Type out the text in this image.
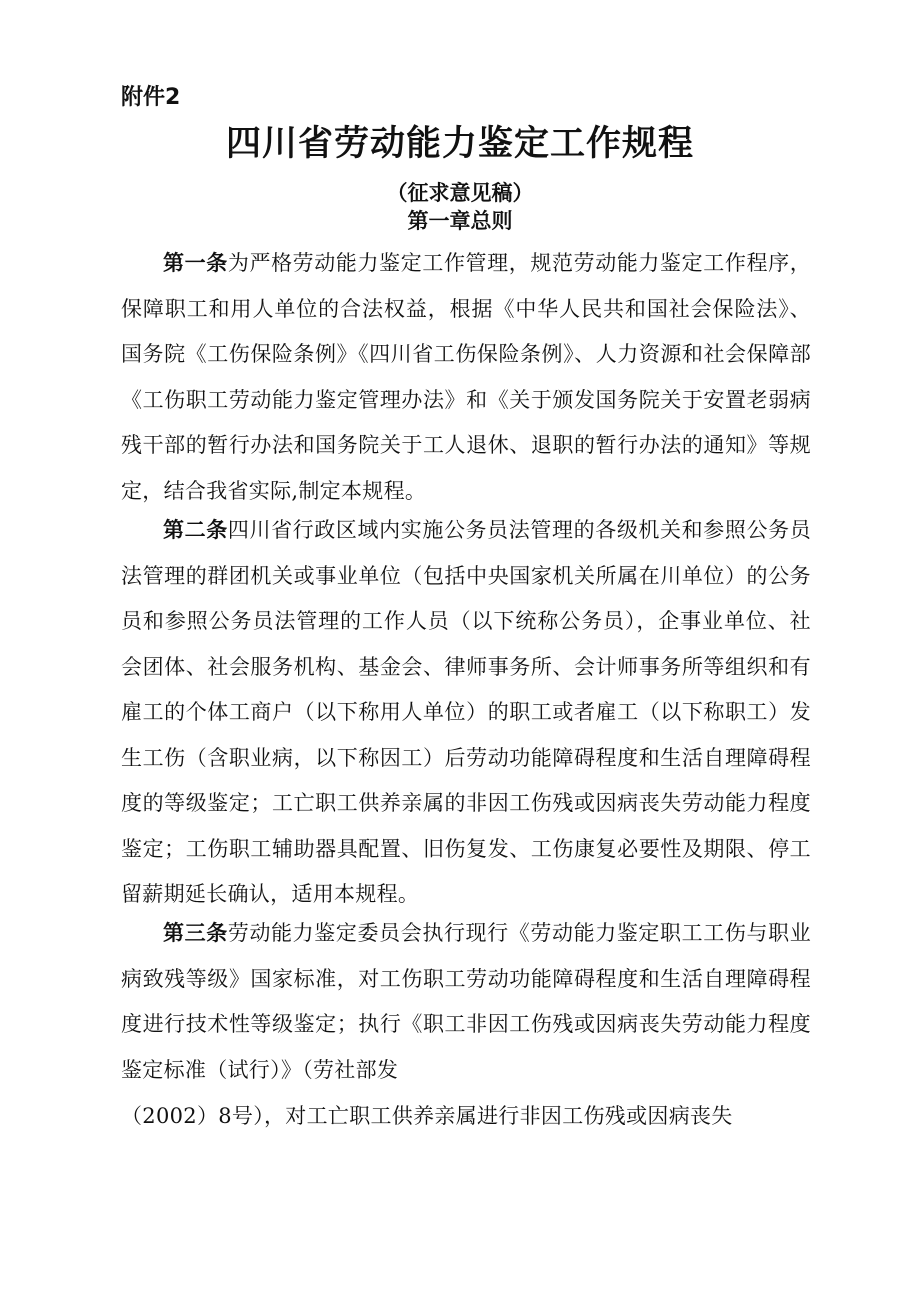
附件2
四川省劳动能力鉴定工作规程
（征求意见稿）
第一章总则

第一条为严格劳动能力鉴定工作管理，规范劳动能力鉴定工作程序，保障职工和用人单位的合法权益，根据《中华人民共和国社会保险法》、国务院《工伤保险条例》《四川省工伤保险条例》、人力资源和社会保障部《工伤职工劳动能力鉴定管理办法》和《关于颁发国务院关于安置老弱病残干部的暂行办法和国务院关于工人退休、退职的暂行办法的通知》等规定，结合我省实际,制定本规程。

第二条四川省行政区域内实施公务员法管理的各级机关和参照公务员法管理的群团机关或事业单位（包括中央国家机关所属在川单位）的公务员和参照公务员法管理的工作人员（以下统称公务员），企事业单位、社会团体、社会服务机构、基金会、律师事务所、会计师事务所等组织和有雇工的个体工商户（以下称用人单位）的职工或者雇工（以下称职工）发生工伤（含职业病，以下称因工）后劳动功能障碍程度和生活自理障碍程度的等级鉴定；工亡职工供养亲属的非因工伤残或因病丧失劳动能力程度鉴定；工伤职工辅助器具配置、旧伤复发、工伤康复必要性及期限、停工留薪期延长确认，适用本规程。

第三条劳动能力鉴定委员会执行现行《劳动能力鉴定职工工伤与职业病致残等级》国家标准，对工伤职工劳动功能障碍程度和生活自理障碍程度进行技术性等级鉴定；执行《职工非因工伤残或因病丧失劳动能力程度鉴定标准（试行）》（劳社部发

（2002）8号），对工亡职工供养亲属进行非因工伤残或因病丧失
